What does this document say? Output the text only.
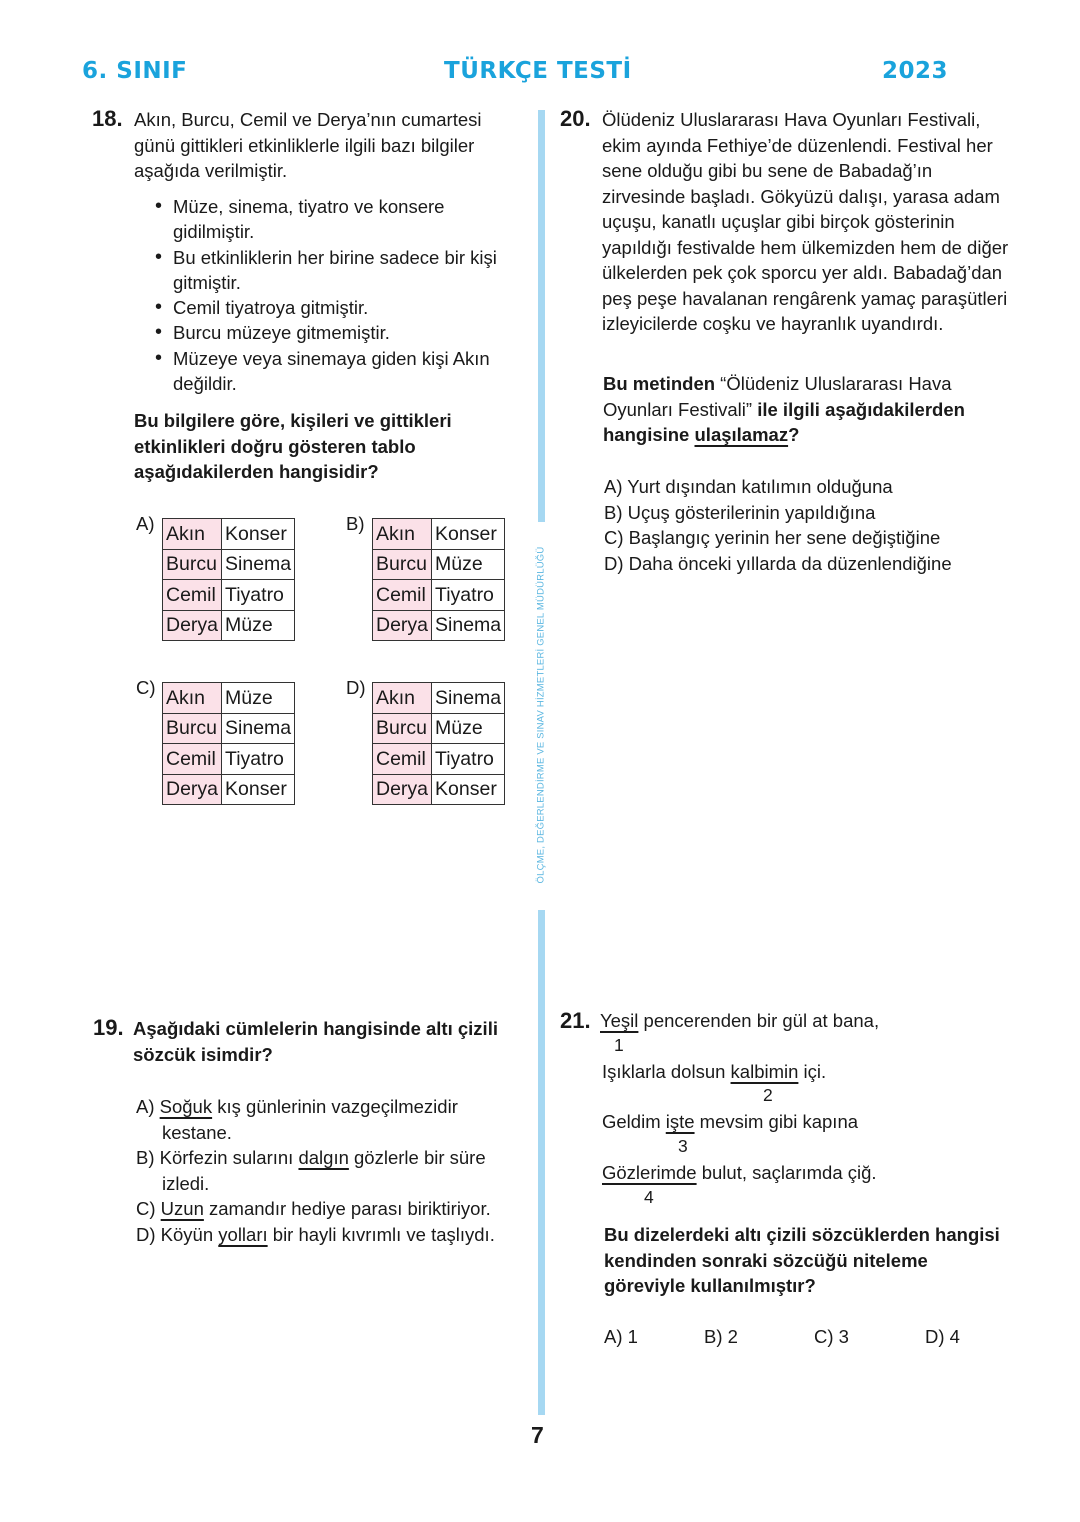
6. SINIF	TÜRKÇE TESTİ	2023
ÖLÇME, DEĞERLENDİRME VE SINAV HİZMETLERİ GENEL MÜDÜRLÜĞÜ
18. Akın, Burcu, Cemil ve Derya’nın cumartesi günü gittikleri etkinliklerle ilgili bazı bilgiler aşağıda verilmiştir.
• Müze, sinema, tiyatro ve konsere gidilmiştir.
• Bu etkinliklerin her birine sadece bir kişi gitmiştir.
• Cemil tiyatroya gitmiştir.
• Burcu müzeye gitmemiştir.
• Müzeye veya sinemaya giden kişi Akın değildir.
Bu bilgilere göre, kişileri ve gittikleri etkinlikleri doğru gösteren tablo aşağıdakilerden hangisidir?
A) Akın	Konser
Burcu	Sinema
Cemil	Tiyatro
Derya	Müze
B) Akın	Konser
Burcu	Müze
Cemil	Tiyatro
Derya	Sinema
C) Akın	Müze
Burcu	Sinema
Cemil	Tiyatro
Derya	Konser
D) Akın	Sinema
Burcu	Müze
Cemil	Tiyatro
Derya	Konser
20. Ölüdeniz Uluslararası Hava Oyunları Festivali, ekim ayında Fethiye’de düzenlendi. Festival her sene olduğu gibi bu sene de Babadağ’ın zirvesinde başladı. Gökyüzü dalışı, yarasa adam uçuşu, kanatlı uçuşlar gibi birçok gösterinin yapıldığı festivalde hem ülkemizden hem de diğer ülkelerden pek çok sporcu yer aldı. Babadağ’dan peş peşe havalanan rengârenk yamaç paraşütleri izleyicilerde coşku ve hayranlık uyandırdı.
Bu metinden “Ölüdeniz Uluslararası Hava Oyunları Festivali” ile ilgili aşağıdakilerden hangisine ulaşılamaz?
A) Yurt dışından katılımın olduğuna
B) Uçuş gösterilerinin yapıldığına
C) Başlangıç yerinin her sene değiştiğine
D) Daha önceki yıllarda da düzenlendiğine
19. Aşağıdaki cümlelerin hangisinde altı çizili sözcük isimdir?
A) Soğuk kış günlerinin vazgeçilmezidir kestane.
B) Körfezin sularını dalgın gözlerle bir süre izledi.
C) Uzun zamandır hediye parası biriktiriyor.
D) Köyün yolları bir hayli kıvrımlı ve taşlıydı.
21. Yeşil pencerenden bir gül at bana,
1
Işıklarla dolsun kalbimin içi.
2
Geldim işte mevsim gibi kapına
3
Gözlerimde bulut, saçlarımda çiğ.
4
Bu dizelerdeki altı çizili sözcüklerden hangisi kendinden sonraki sözcüğü niteleme göreviyle kullanılmıştır?
A) 1	B) 2	C) 3	D) 4
7
